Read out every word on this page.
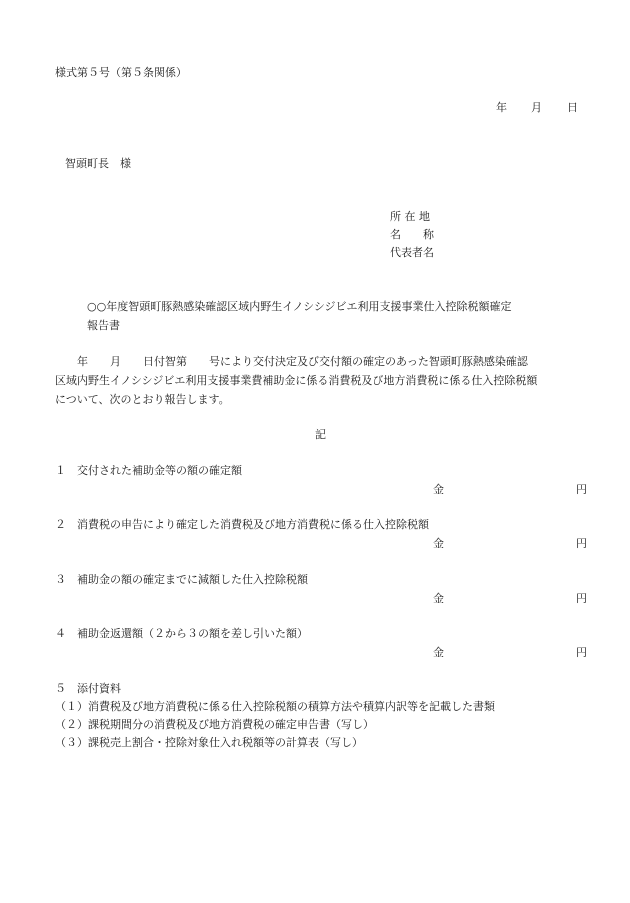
様式第５号（第５条関係）
年 月 日
智頭町長　様
所 在 地
名　　称
代表者名
○○年度智頭町豚熱感染確認区域内野生イノシシジビエ利用支援事業仕入控除税額確定
報告書
　　年　　月　　日付智第　　号により交付決定及び交付額の確定のあった智頭町豚熱感染確認
区域内野生イノシシジビエ利用支援事業費補助金に係る消費税及び地方消費税に係る仕入控除税額
について、次のとおり報告します。
記
１ 交付された補助金等の額の確定額
金	円
２ 消費税の申告により確定した消費税及び地方消費税に係る仕入控除税額
金	円
３ 補助金の額の確定までに減額した仕入控除税額
金	円
４ 補助金返還額（２から３の額を差し引いた額）
金	円
５ 添付資料
（１）消費税及び地方消費税に係る仕入控除税額の積算方法や積算内訳等を記載した書類
（２）課税期間分の消費税及び地方消費税の確定申告書（写し）
（３）課税売上割合・控除対象仕入れ税額等の計算表（写し）
